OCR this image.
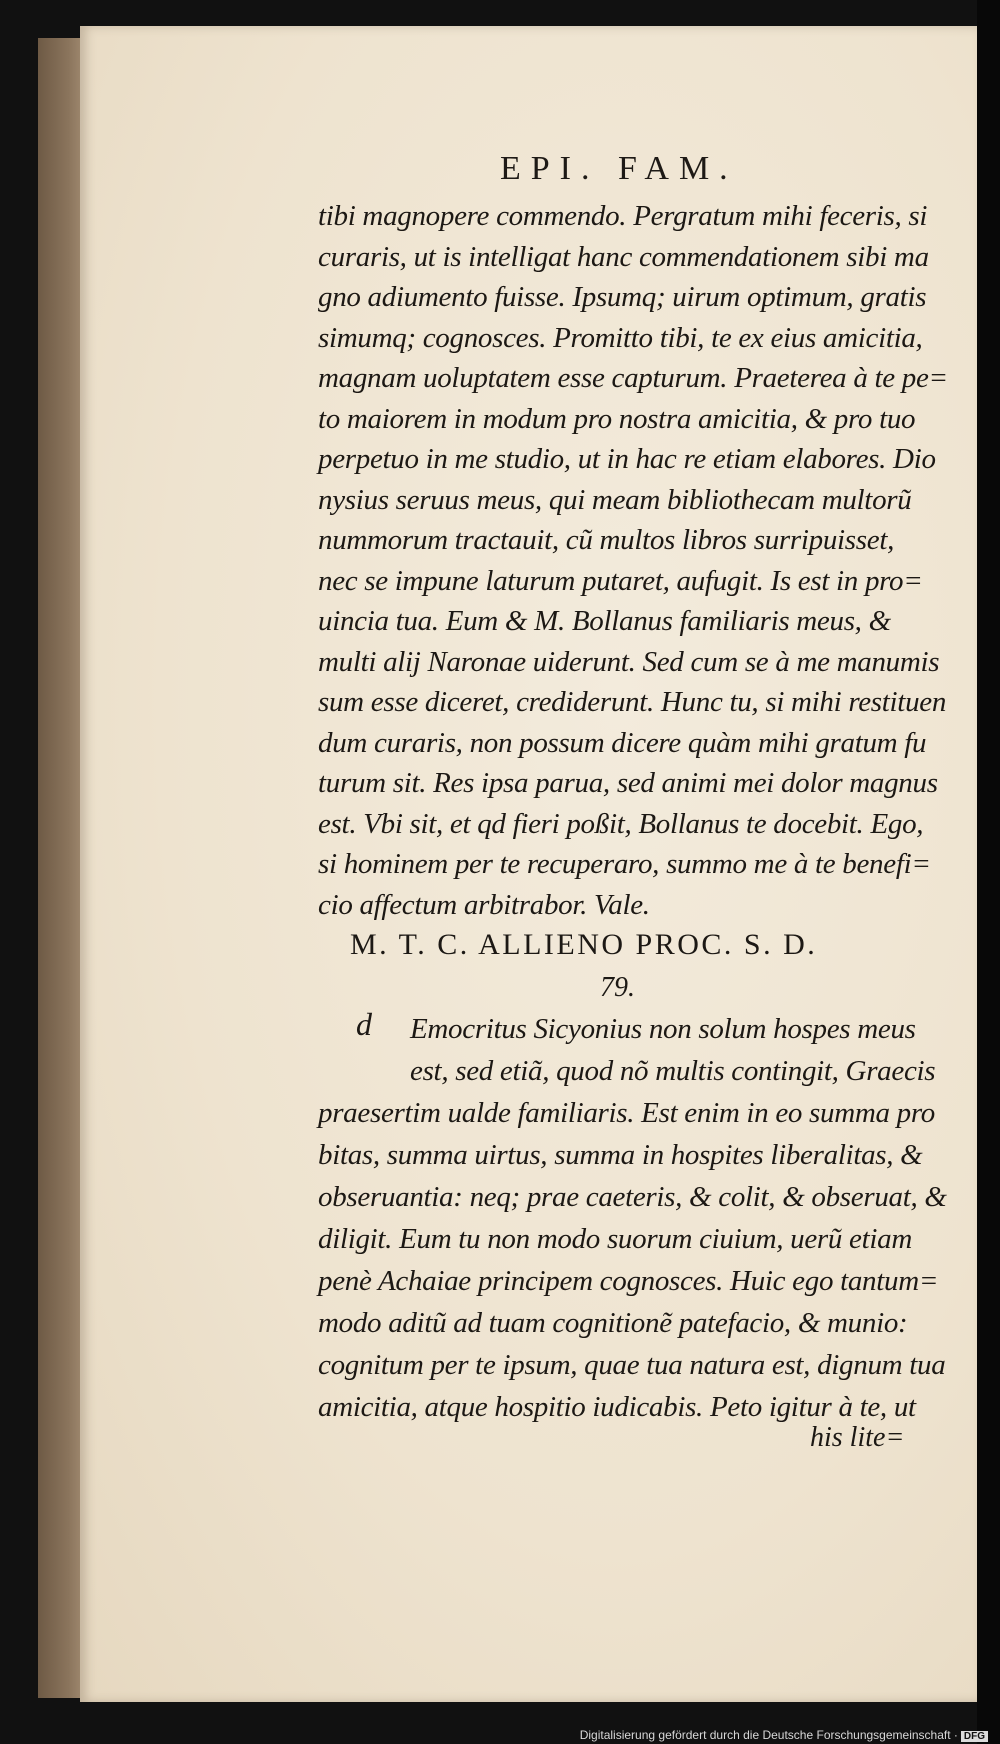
EPI. FAM.
tibi magnopere commendo. Pergratum mihi feceris, si
curaris, ut is intelligat hanc commendationem sibi ma
gno adiumento fuisse. Ipsumq; uirum optimum, gratis
simumq; cognosces. Promitto tibi, te ex eius amicitia,
magnam uoluptatem esse capturum. Praeterea à te pe=
to maiorem in modum pro nostra amicitia, & pro tuo
perpetuo in me studio, ut in hac re etiam elabores. Dio
nysius seruus meus, qui meam bibliothecam multorũ
nummorum tractauit, cũ multos libros surripuisset,
nec se impune laturum putaret, aufugit. Is est in pro=
uincia tua. Eum & M. Bollanus familiaris meus, &
multi alij Naronae uiderunt. Sed cum se à me manumis
sum esse diceret, crediderunt. Hunc tu, si mihi restituen
dum curaris, non possum dicere quàm mihi gratum fu
turum sit. Res ipsa parua, sed animi mei dolor magnus
est. Vbi sit, et qd fieri poßit, Bollanus te docebit. Ego,
si hominem per te recuperaro, summo me à te benefi=
cio affectum arbitrabor. Vale.
M. T. C. ALLIENO PROC. S. D.
79.
d	Emocritus Sicyonius non solum hospes meus
est, sed etiã, quod nõ multis contingit, Graecis
praesertim ualde familiaris. Est enim in eo summa pro
bitas, summa uirtus, summa in hospites liberalitas, &
obseruantia: neq; prae caeteris, & colit, & obseruat, &
diligit. Eum tu non modo suorum ciuium, uerũ etiam
penè Achaiae principem cognosces. Huic ego tantum=
modo aditũ ad tuam cognitionẽ patefacio, & munio:
cognitum per te ipsum, quae tua natura est, dignum tua
amicitia, atque hospitio iudicabis. Peto igitur à te, ut
his lite=
Digitalisierung gefördert durch die Deutsche Forschungsgemeinschaft · DFG
